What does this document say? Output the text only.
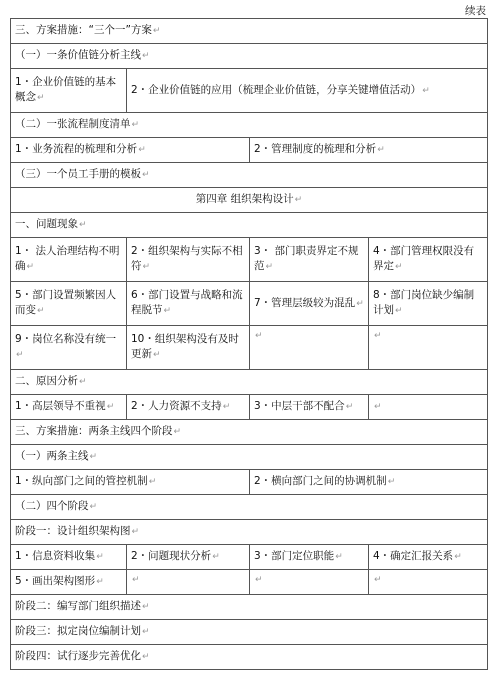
续表
三、方案措施：“三个一”方案↵			
（一）一条价值链分析主线↵			
1・企业价值链的基本概念↵	2・企业价值链的应用（梳理企业价值链，分享关键增值活动）↵		
（二）一张流程制度清单↵			
1・业务流程的梳理和分析↵		2・管理制度的梳理和分析↵	
（三）一个员工手册的模板↵			
第四章 组织架构设计↵			
一、问题现象↵			
1・ 法人治理结构不明确↵	2・组织架构与实际不相符↵	3・ 部门职责界定不规范↵	4・部门管理权限没有界定↵
5・部门设置频繁因人而变↵	6・部门设置与战略和流程脱节↵	7・管理层级较为混乱↵	8・部门岗位缺少编制计划↵
9・岗位名称没有统一↵	10・组织架构没有及时更新↵	↵	↵
二、原因分析↵			
1・高层领导不重视↵	2・人力资源不支持↵	3・中层干部不配合↵	↵
三、方案措施：两条主线四个阶段↵			
（一）两条主线↵			
1・纵向部门之间的管控机制↵		2・横向部门之间的协调机制↵	
（二）四个阶段↵			
阶段一：设计组织架构图↵			
1・信息资料收集↵	2・问题现状分析↵	3・部门定位职能↵	4・确定汇报关系↵
5・画出架构图形↵	↵	↵	↵
阶段二：编写部门组织描述↵			
阶段三：拟定岗位编制计划↵			
阶段四：试行逐步完善优化↵			
